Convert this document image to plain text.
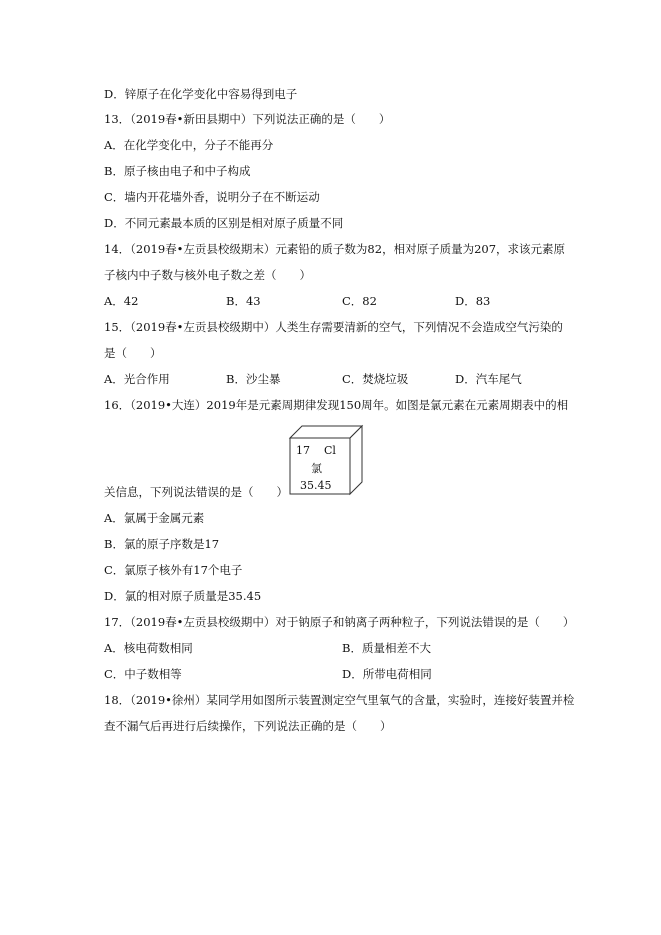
D．锌原子在化学变化中容易得到电子
13．（2019春•新田县期中）下列说法正确的是（　　）
A．在化学变化中，分子不能再分
B．原子核由电子和中子构成
C．墙内开花墙外香，说明分子在不断运动
D．不同元素最本质的区别是相对原子质量不同
14．（2019春•左贡县校级期末）元素铅的质子数为82，相对原子质量为207，求该元素原
子核内中子数与核外电子数之差（　　）
A．42	B．43	C．82	D．83
15．（2019春•左贡县校级期中）人类生存需要清新的空气，下列情况不会造成空气污染的
是（　　）
A．光合作用	B．沙尘暴	C．焚烧垃圾	D．汽车尾气
16．（2019•大连）2019年是元素周期律发现150周年。如图是氯元素在元素周期表中的相
17 Cl
氯
35.45
关信息，下列说法错误的是（　　）
A．氯属于金属元素
B．氯的原子序数是17
C．氯原子核外有17个电子
D．氯的相对原子质量是35.45
17．（2019春•左贡县校级期中）对于钠原子和钠离子两种粒子，下列说法错误的是（　　）
A．核电荷数相同	B．质量相差不大
C．中子数相等	D．所带电荷相同
18．（2019•徐州）某同学用如图所示装置测定空气里氧气的含量，实验时，连接好装置并检
查不漏气后再进行后续操作，下列说法正确的是（　　）
